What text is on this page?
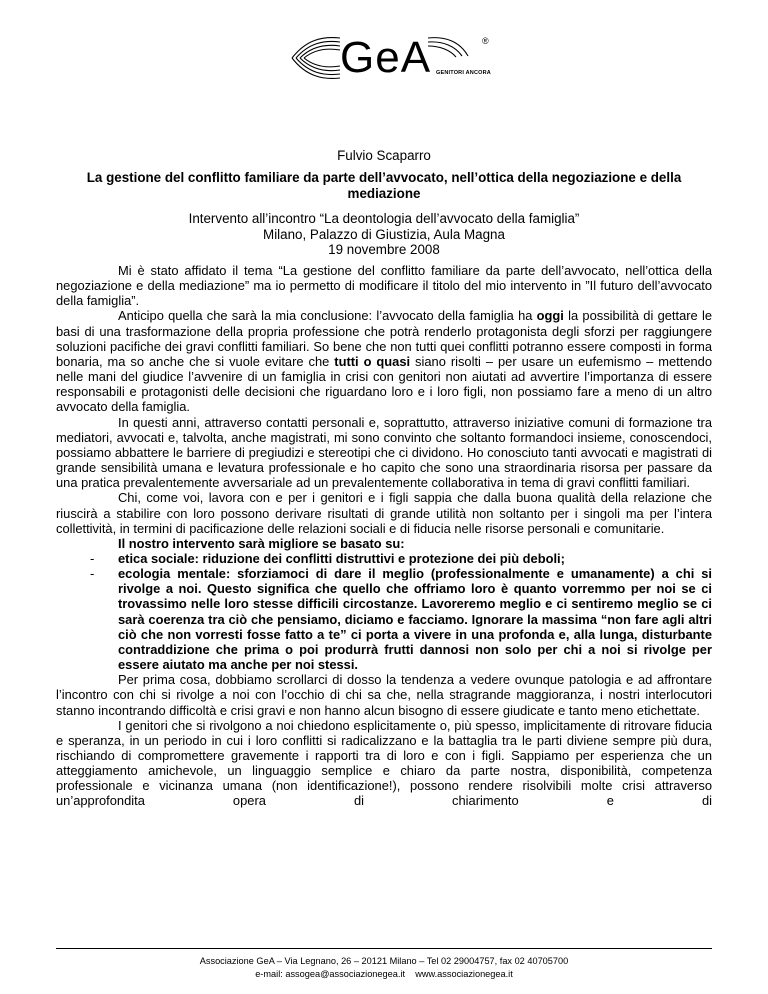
GeA	®
GENITORI ANCORA
Fulvio Scaparro
La gestione del conflitto familiare da parte dell’avvocato, nell’ottica della negoziazione e della mediazione
Intervento all’incontro “La deontologia dell’avvocato della famiglia”
Milano, Palazzo di Giustizia, Aula Magna
19 novembre 2008

Mi è stato affidato il tema “La gestione del conflitto familiare da parte dell’avvocato, nell’ottica della negoziazione e della mediazione” ma io permetto di modificare il titolo del mio intervento in ”Il futuro dell’avvocato della famiglia”.

Anticipo quella che sarà la mia conclusione: l’avvocato della famiglia ha oggi la possibilità di gettare le basi di una trasformazione della propria professione che potrà renderlo protagonista degli sforzi per raggiungere soluzioni pacifiche dei gravi conflitti familiari. So bene che non tutti quei conflitti potranno essere composti in forma bonaria, ma so anche che si vuole evitare che tutti o quasi siano risolti – per usare un eufemismo – mettendo nelle mani del giudice l’avvenire di un famiglia in crisi con genitori non aiutati ad avvertire l’importanza di essere responsabili e protagonisti delle decisioni che riguardano loro e i loro figli, non possiamo fare a meno di un altro avvocato della famiglia.

In questi anni, attraverso contatti personali e, soprattutto, attraverso iniziative comuni di formazione tra mediatori, avvocati e, talvolta, anche magistrati, mi sono convinto che soltanto formandoci insieme, conoscendoci, possiamo abbattere le barriere di pregiudizi e stereotipi che ci dividono. Ho conosciuto tanti avvocati e magistrati di grande sensibilità umana e levatura professionale e ho capito che sono una straordinaria risorsa per passare da una pratica prevalentemente avversariale ad un prevalentemente collaborativa in tema di gravi conflitti familiari.

Chi, come voi, lavora con e per i genitori e i figli sappia che dalla buona qualità della relazione che riuscirà a stabilire con loro possono derivare risultati di grande utilità non soltanto per i singoli ma per l’intera collettività, in termini di pacificazione delle relazioni sociali e di fiducia nelle risorse personali e comunitarie.

Il nostro intervento sarà migliore se basato su:
- etica sociale: riduzione dei conflitti distruttivi e protezione dei più deboli;
- ecologia mentale: sforziamoci di dare il meglio (professionalmente e umanamente) a chi si rivolge a noi. Questo significa che quello che offriamo loro è quanto vorremmo per noi se ci trovassimo nelle loro stesse difficili circostanze. Lavoreremo meglio e ci sentiremo meglio se ci sarà coerenza tra ciò che pensiamo, diciamo e facciamo. Ignorare la massima “non fare agli altri ciò che non vorresti fosse fatto a te” ci porta a vivere in una profonda e, alla lunga, disturbante contraddizione che prima o poi produrrà frutti dannosi non solo per chi a noi si rivolge per essere aiutato ma anche per noi stessi.

Per prima cosa, dobbiamo scrollarci di dosso la tendenza a vedere ovunque patologia e ad affrontare l’incontro con chi si rivolge a noi con l’occhio di chi sa che, nella stragrande maggioranza, i nostri interlocutori stanno incontrando difficoltà e crisi gravi e non hanno alcun bisogno di essere giudicate e tanto meno etichettate.

I genitori che si rivolgono a noi chiedono esplicitamente o, più spesso, implicitamente di ritrovare fiducia e speranza, in un periodo in cui i loro conflitti si radicalizzano e la battaglia tra le parti diviene sempre più dura, rischiando di compromettere gravemente i rapporti tra di loro e con i figli. Sappiamo per esperienza che un atteggiamento amichevole, un linguaggio semplice e chiaro da parte nostra, disponibilità, competenza professionale e vicinanza umana (non identificazione!), possono rendere risolvibili molte crisi attraverso un’approfondita opera di chiarimento e di

Associazione GeA – Via Legnano, 26 – 20121 Milano – Tel 02 29004757, fax 02 40705700
e-mail: assogea@associazionegea.it    www.associazionegea.it
